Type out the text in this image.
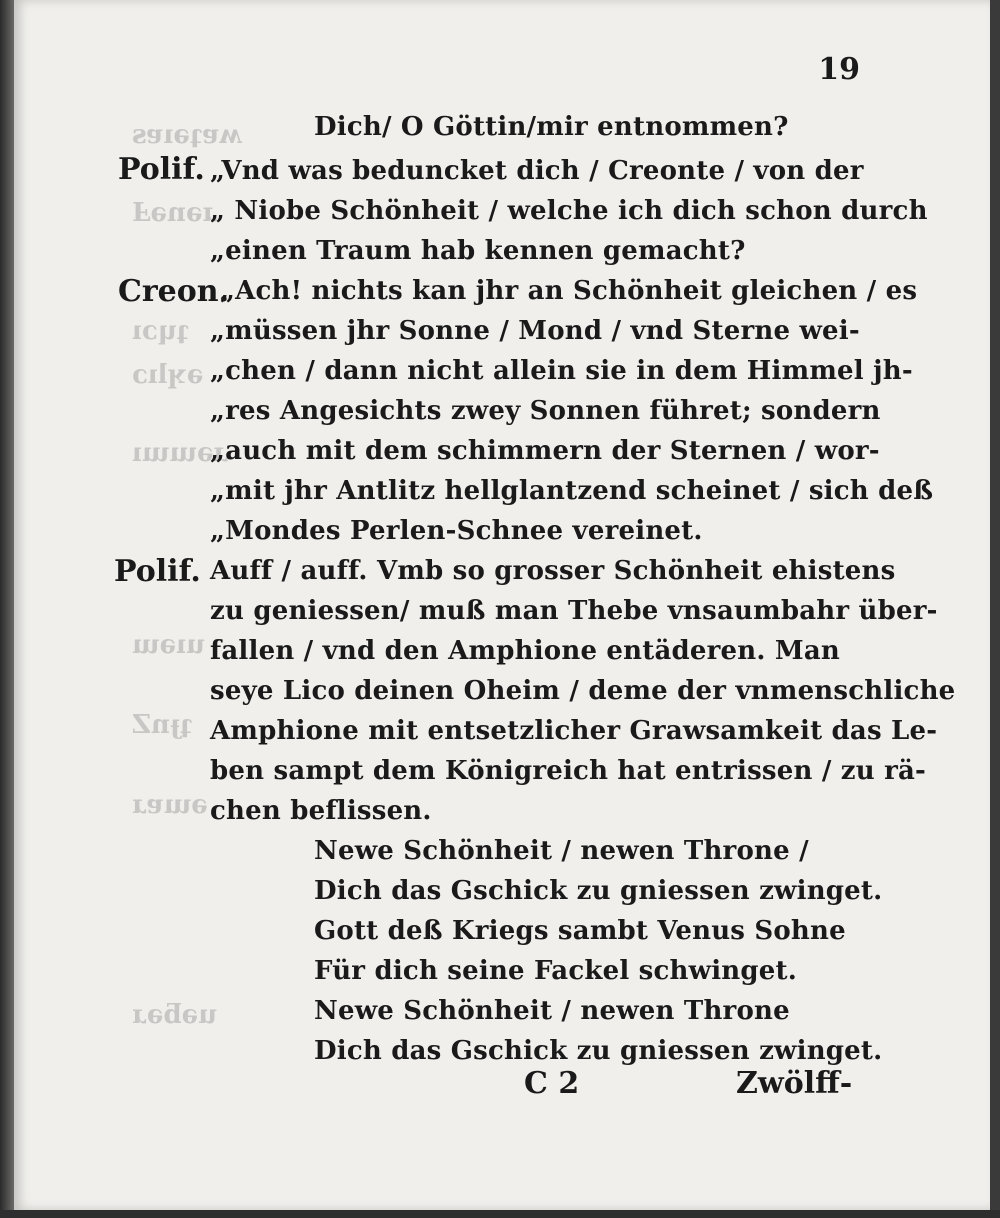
ʍɐʇǝıɐs
ɹǝnǝℲ
ʇɥɔı
ǝʞlıɔ
ɹǝɯɯı
uıǝɯ
ʇɟnZ
ǝɯɐɹ
uǝƃǝɹ
19
Dich/ O Göttin/mir entnommen?
Polif. „Vnd was beduncket dich / Creonte / von der
„ Niobe Schönheit / welche ich dich schon durch
„einen Traum hab kennen gemacht?
Creon.
„Ach! nichts kan jhr an Schönheit gleichen / es
„müssen jhr Sonne / Mond / vnd Sterne wei-
„chen / dann nicht allein sie in dem Himmel jh-
„res Angesichts zwey Sonnen führet; sondern
„auch mit dem schimmern der Sternen / wor-
„mit jhr Antlitz hellglantzend scheinet / sich deß
„Mondes Perlen-Schnee vereinet.
Polif. Auff / auff. Vmb so grosser Schönheit ehistens
zu geniessen/ muß man Thebe vnsaumbahr über-
fallen / vnd den Amphione entäderen. Man
seye Lico deinen Oheim / deme der vnmenschliche
Amphione mit entsetzlicher Grawsamkeit das Le-
ben sampt dem Königreich hat entrissen / zu rä-
chen beflissen.
Newe Schönheit / newen Throne /
Dich das Gschick zu gniessen zwinget.
Gott deß Kriegs sambt Venus Sohne
Für dich seine Fackel schwinget.
Newe Schönheit / newen Throne
Dich das Gschick zu gniessen zwinget.
C 2	Zwölff-
